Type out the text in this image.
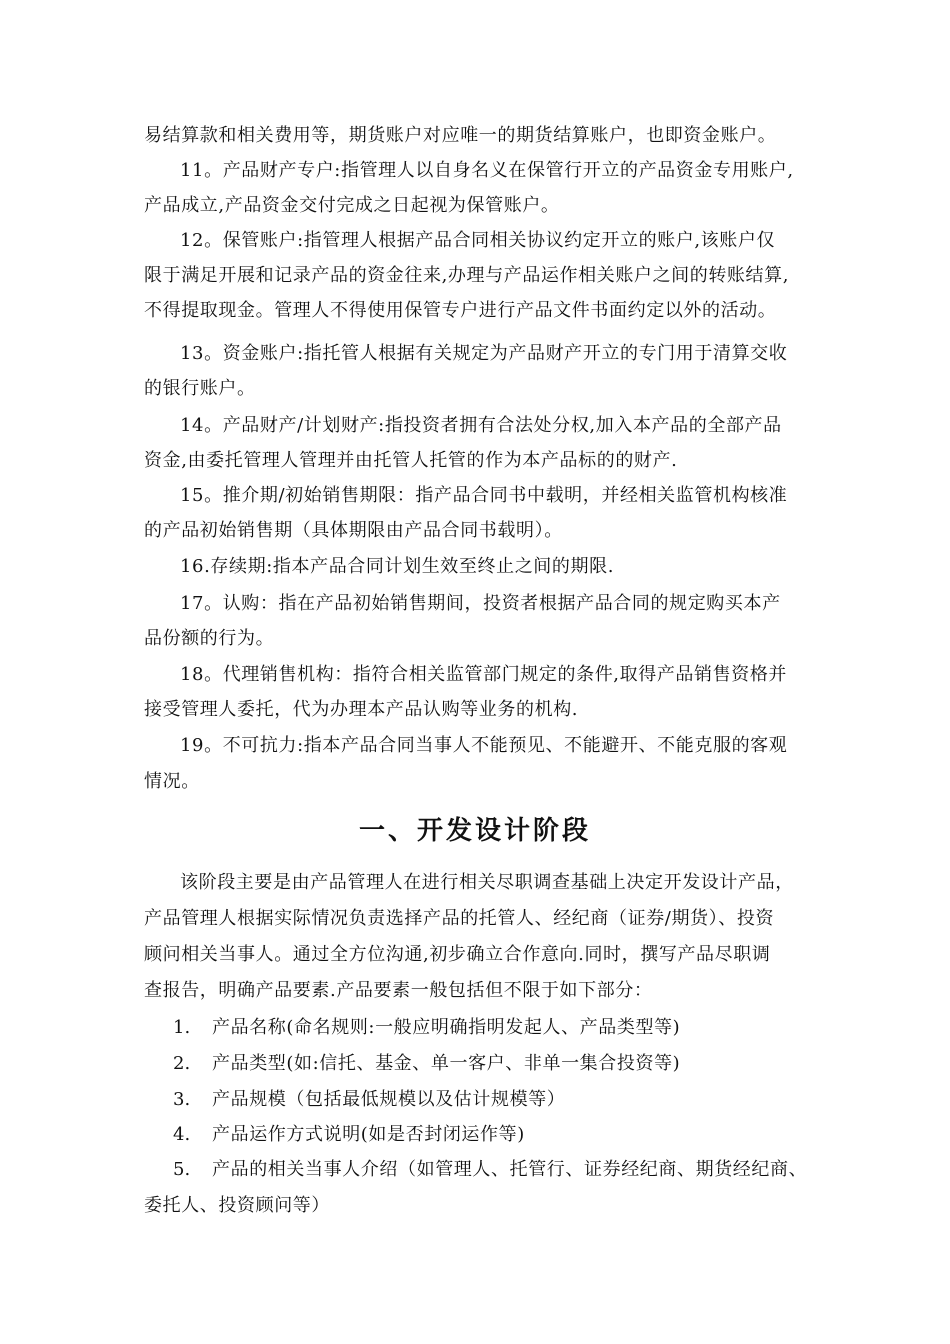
易结算款和相关费用等，期货账户对应唯一的期货结算账户，也即资金账户。
11。产品财产专户:指管理人以自身名义在保管行开立的产品资金专用账户,
产品成立,产品资金交付完成之日起视为保管账户。
12。保管账户:指管理人根据产品合同相关协议约定开立的账户,该账户仅
限于满足开展和记录产品的资金往来,办理与产品运作相关账户之间的转账结算,
不得提取现金。管理人不得使用保管专户进行产品文件书面约定以外的活动。
13。资金账户:指托管人根据有关规定为产品财产开立的专门用于清算交收
的银行账户。
14。产品财产/计划财产:指投资者拥有合法处分权,加入本产品的全部产品
资金,由委托管理人管理并由托管人托管的作为本产品标的的财产.
15。推介期/初始销售期限：指产品合同书中载明，并经相关监管机构核准
的产品初始销售期（具体期限由产品合同书载明）。
16.存续期:指本产品合同计划生效至终止之间的期限.
17。认购：指在产品初始销售期间，投资者根据产品合同的规定购买本产
品份额的行为。
18。代理销售机构：指符合相关监管部门规定的条件,取得产品销售资格并
接受管理人委托，代为办理本产品认购等业务的机构.
19。不可抗力:指本产品合同当事人不能预见、不能避开、不能克服的客观
情况。
一、开发设计阶段
该阶段主要是由产品管理人在进行相关尽职调查基础上决定开发设计产品，
产品管理人根据实际情况负责选择产品的托管人、经纪商（证券/期货）、投资
顾问相关当事人。通过全方位沟通,初步确立合作意向.同时，撰写产品尽职调
查报告，明确产品要素.产品要素一般包括但不限于如下部分：
1. 产品名称(命名规则:一般应明确指明发起人、产品类型等)
2. 产品类型(如:信托、基金、单一客户、非单一集合投资等)
3. 产品规模（包括最低规模以及估计规模等）
4. 产品运作方式说明(如是否封闭运作等)
5. 产品的相关当事人介绍（如管理人、托管行、证券经纪商、期货经纪商、
委托人、投资顾问等）
